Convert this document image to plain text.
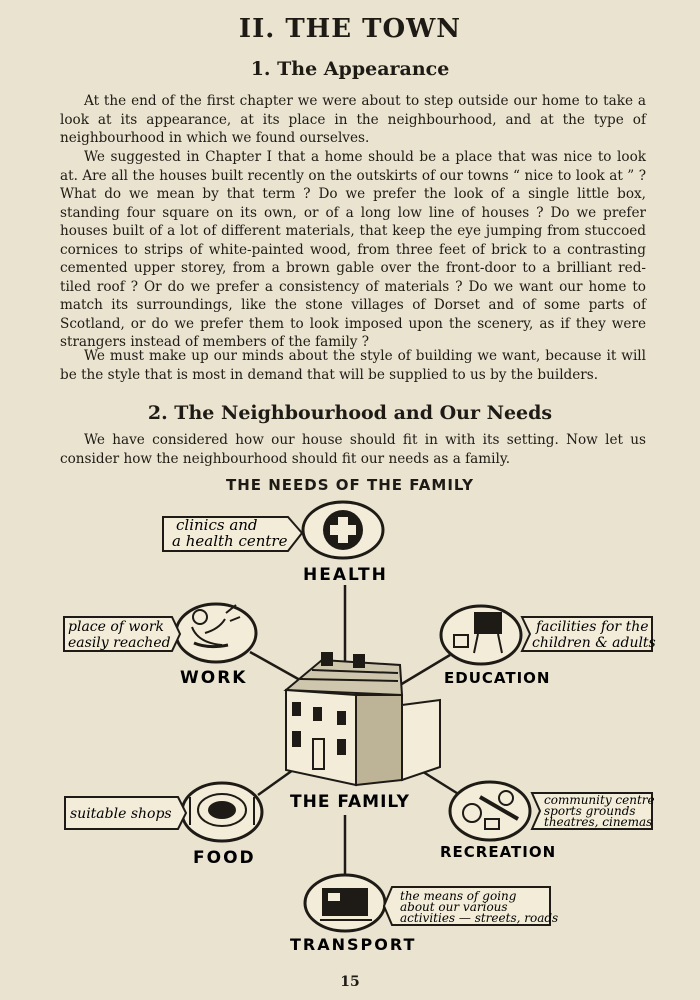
II. THE TOWN
1. The Appearance

At the end of the first chapter we were about to step outside our home to take a look at its appearance, at its place in the neighbourhood, and at the type of neighbourhood in which we found ourselves.

We suggested in Chapter I that a home should be a place that was nice to look at. Are all the houses built recently on the outskirts of our towns “ nice to look at ” ? What do we mean by that term ? Do we prefer the look of a single little box, standing four square on its own, or of a long low line of houses ? Do we prefer houses built of a lot of different materials, that keep the eye jumping from stuccoed cornices to strips of white-painted wood, from three feet of brick to a contrasting cemented upper storey, from a brown gable over the front-door to a brilliant red-tiled roof ? Or do we prefer a consistency of materials ? Do we want our home to match its surroundings, like the stone villages of Dorset and of some parts of Scotland, or do we prefer them to look imposed upon the scenery, as if they were strangers instead of members of the family ?

We must make up our minds about the style of building we want, because it will be the style that is most in demand that will be supplied to us by the builders.

2. The Neighbourhood and Our Needs

We have considered how our house should fit in with its setting. Now let us consider how the neighbourhood should fit our needs as a family.

THE NEEDS OF THE FAMILY
clinics and
a health centre
HEALTH
place of work
easily reached
WORK
facilities for the
children & adults
EDUCATION
THE FAMILY
suitable shops
FOOD
community centre
sports grounds
theatres, cinemas
RECREATION
the means of going
about our various
activities — streets, roads
TRANSPORT
15
